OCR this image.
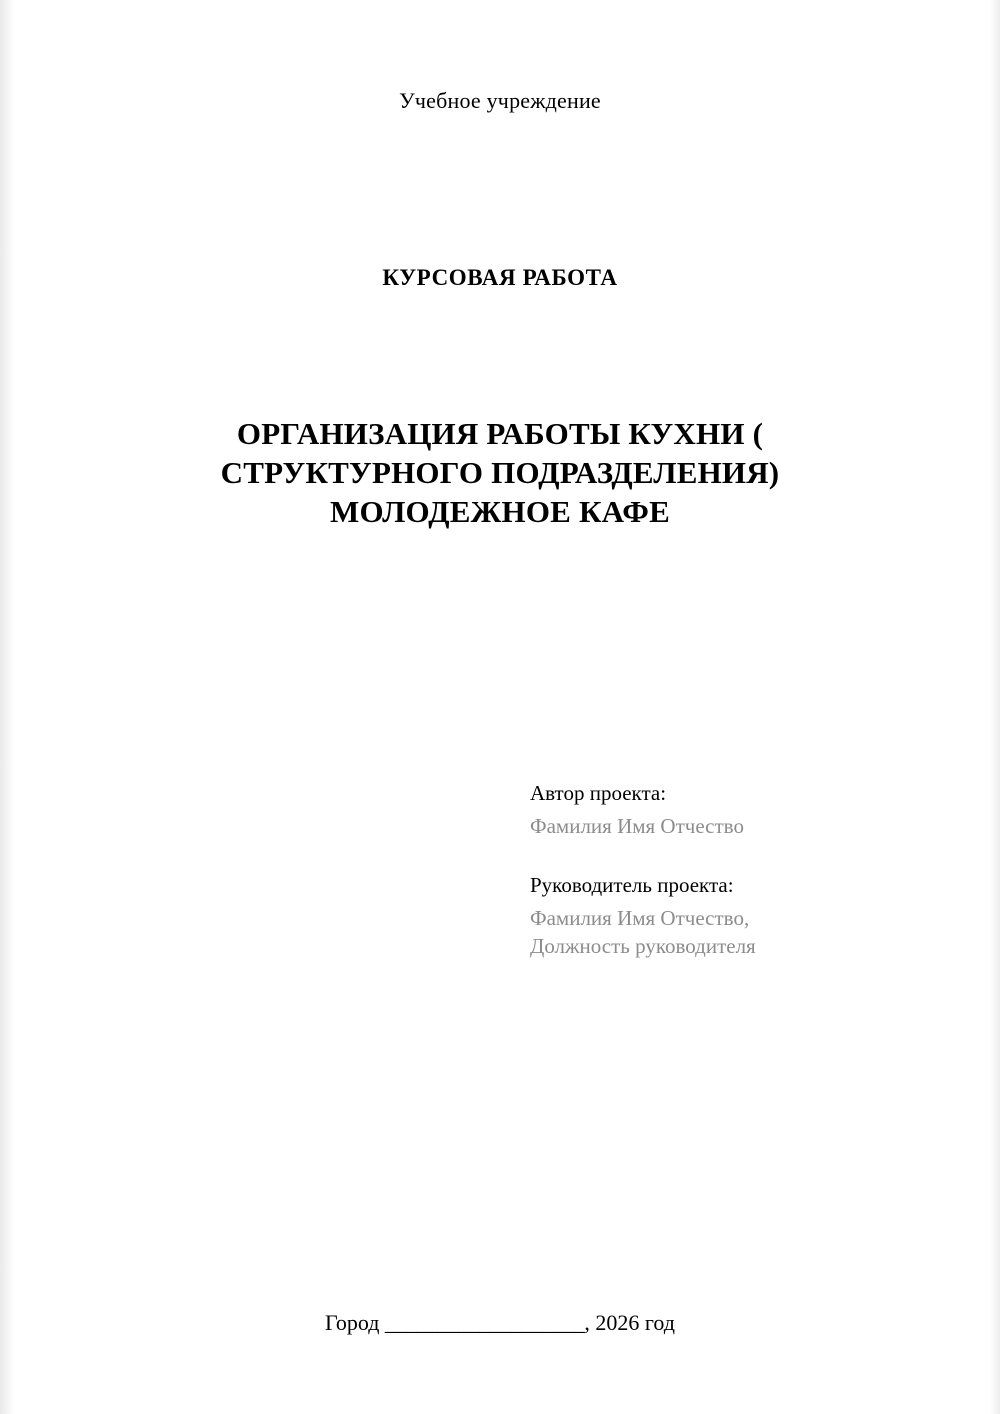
Учебное учреждение
КУРСОВАЯ РАБОТА
ОРГАНИЗАЦИЯ РАБОТЫ КУХНИ ( СТРУКТУРНОГО ПОДРАЗДЕЛЕНИЯ) МОЛОДЕЖНОЕ КАФЕ

Автор проекта:

Фамилия Имя Отчество

Руководитель проекта:

Фамилия Имя Отчество,

Должность руководителя

Город ___________________, 2026 год
